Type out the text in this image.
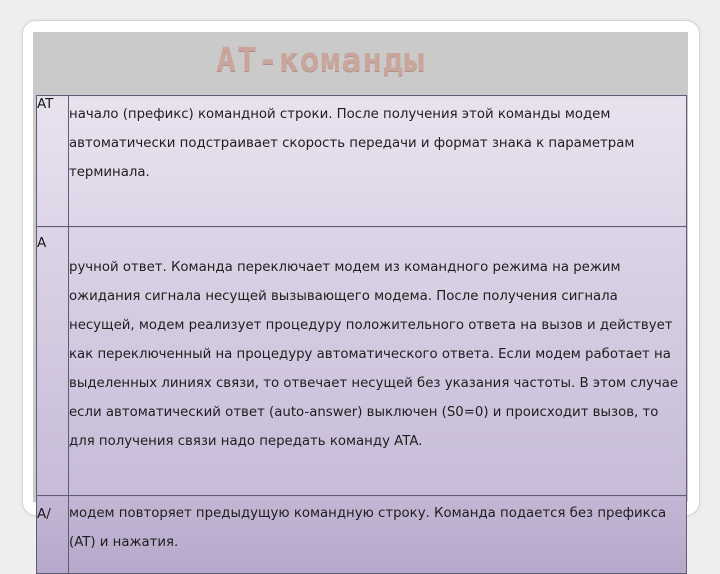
AT-команды
AT	начало (префикс) командной строки. После получения этой команды модем автоматически подстраивает скорость передачи и формат знака к параметрам терминала.
A	ручной ответ. Команда переключает модем из командного режима на режим ожидания сигнала несущей вызывающего модема. После получения сигнала несущей, модем реализует процедуру положительного ответа на вызов и действует как переключенный на процедуру автоматического ответа. Если модем работает на выделенных линиях связи, то отвечает несущей без указания частоты. В этом случае если автоматический ответ (auto-answer) выключен (S0=0) и происходит вызов, то для получения связи надо передать команду ATA.
A/	модем повторяет предыдущую командную строку. Команда подается без префикса (AT) и нажатия.
